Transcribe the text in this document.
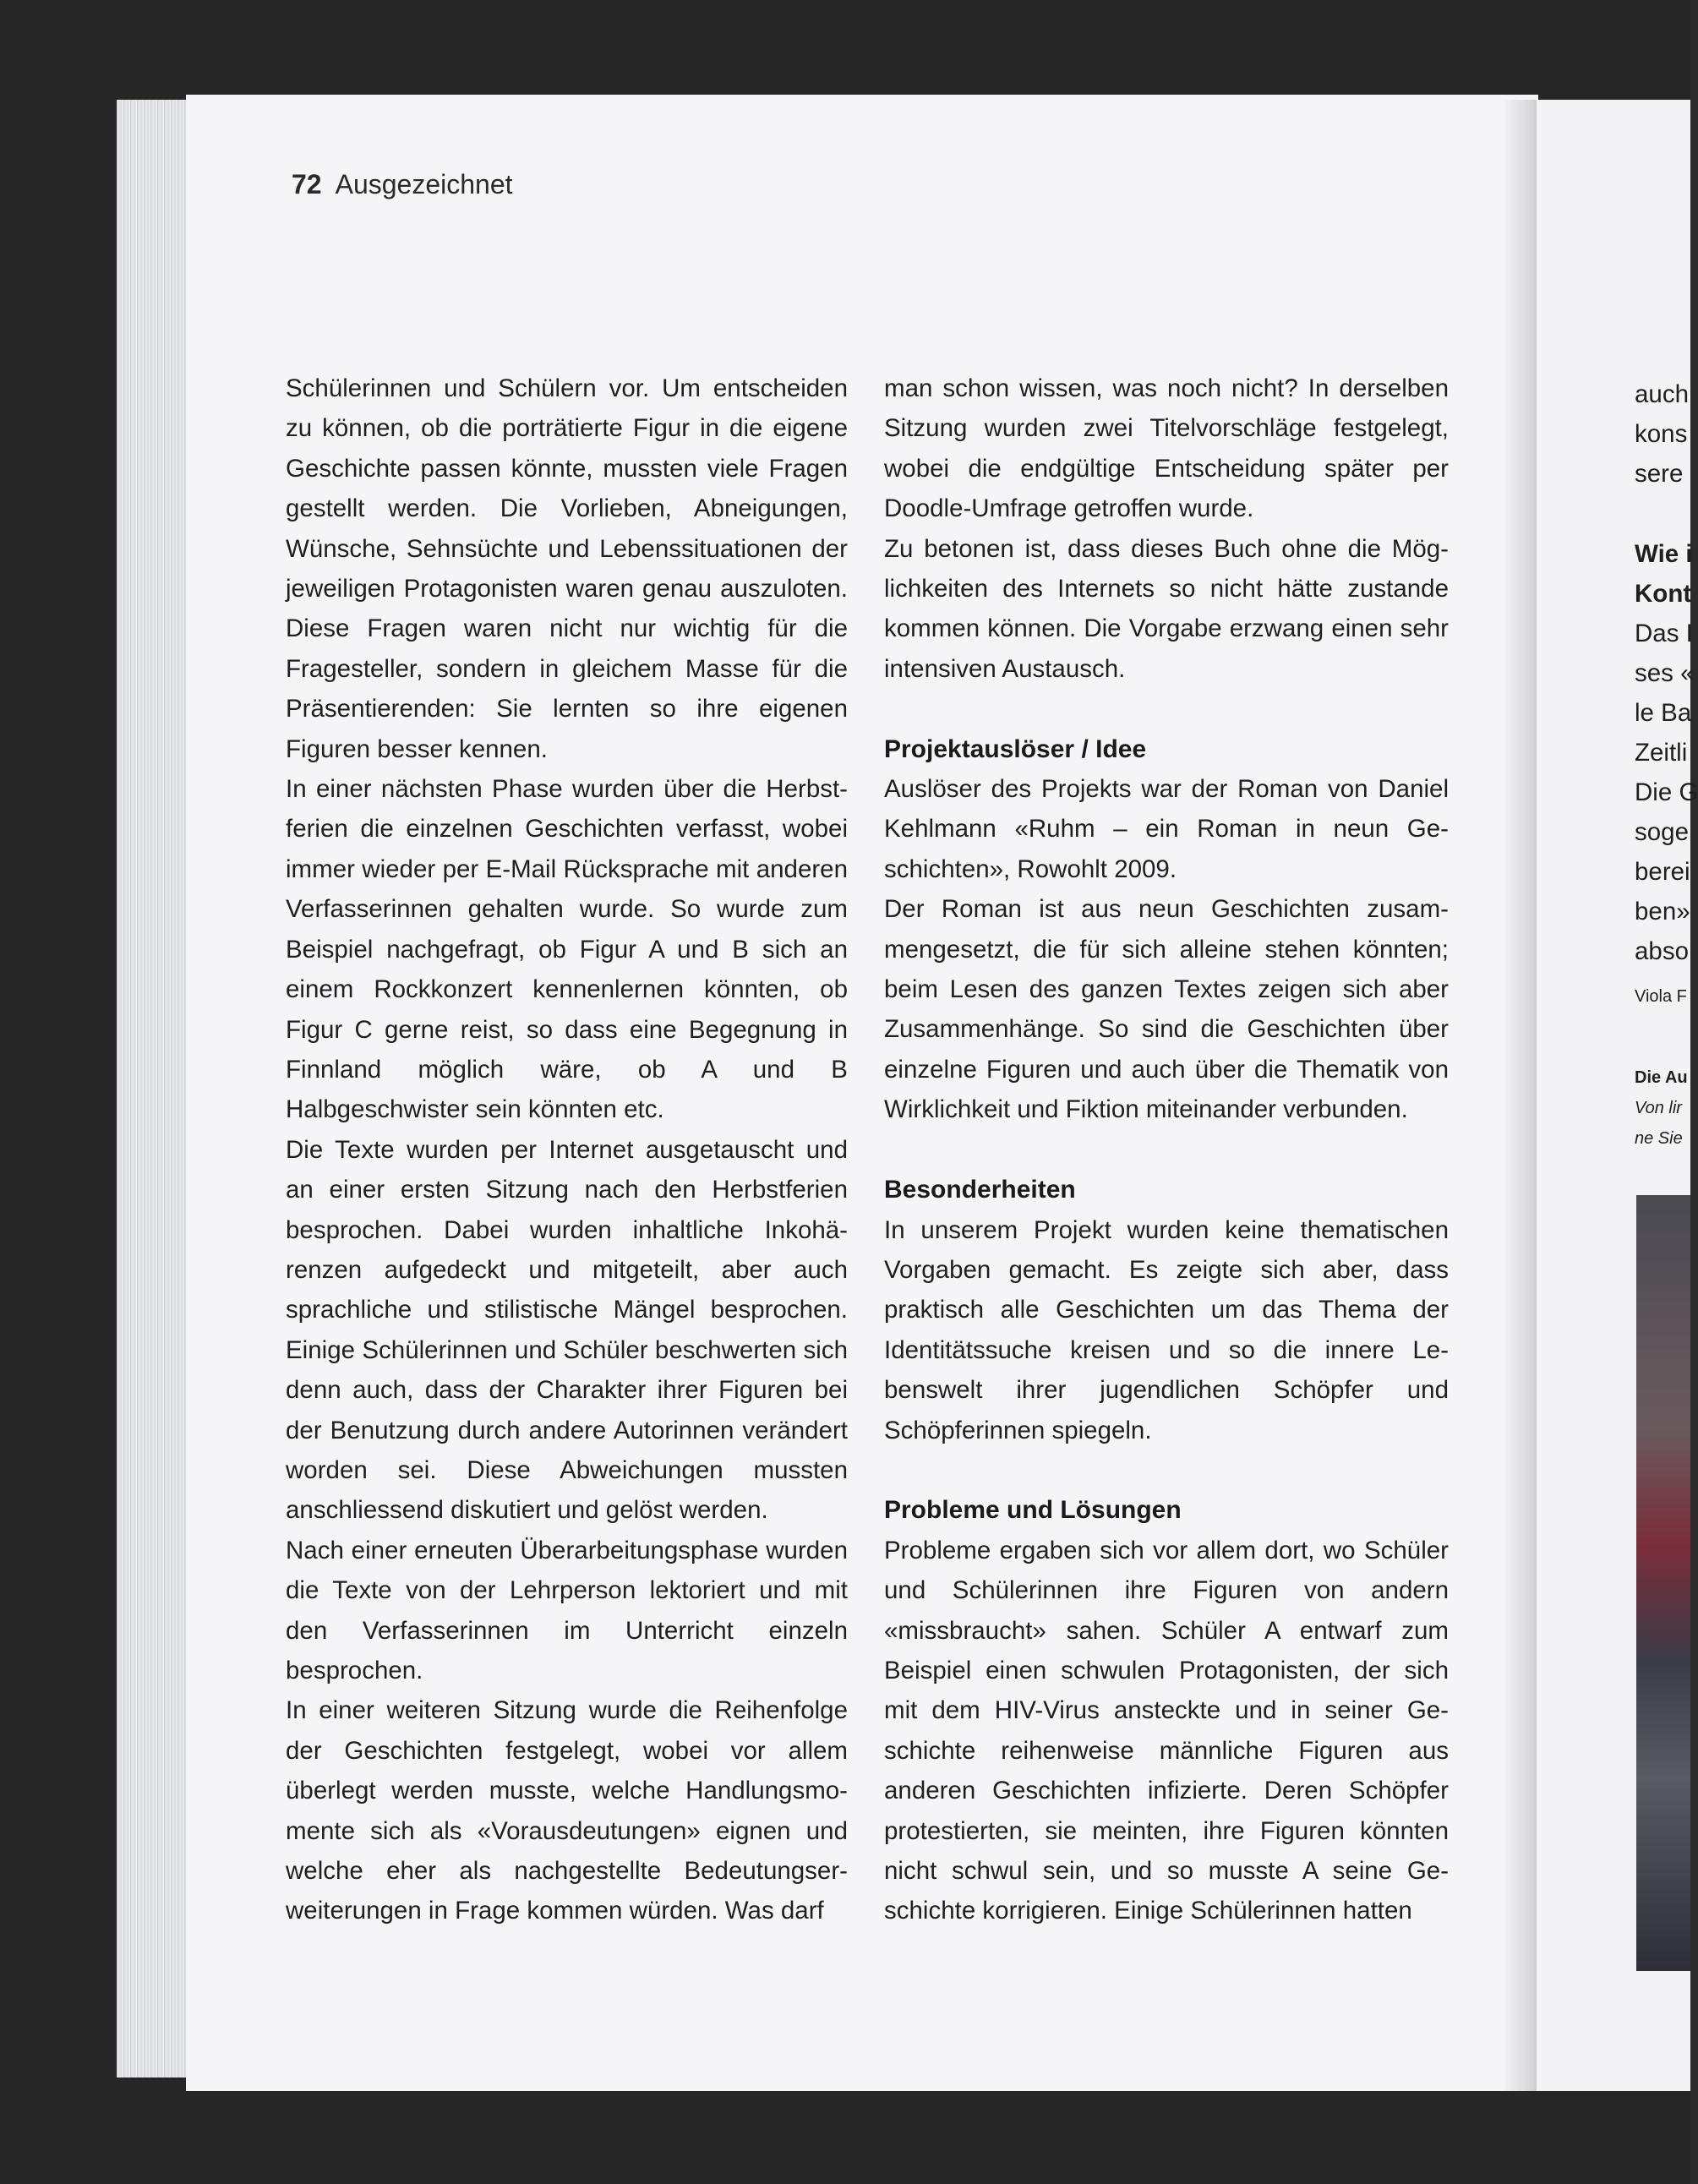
72 Ausgezeichnet

Schülerinnen und Schülern vor. Um entscheiden zu können, ob die porträtierte Figur in die eigene Geschichte passen könnte, mussten viele Fragen gestellt werden. Die Vorlieben, Abneigungen, Wünsche, Sehnsüchte und Lebenssituationen der jeweiligen Protagonisten waren genau auszuloten. Diese Fragen waren nicht nur wichtig für die Fragesteller, sondern in gleichem Masse für die Präsentierenden: Sie lernten so ihre eigenen Figuren besser kennen.

In einer nächsten Phase wurden über die Herbstferien die einzelnen Geschichten verfasst, wobei immer wieder per E-Mail Rücksprache mit anderen Verfasserinnen gehalten wurde. So wurde zum Beispiel nachgefragt, ob Figur A und B sich an einem Rockkonzert kennenlernen könnten, ob Figur C gerne reist, so dass eine Begegnung in Finnland möglich wäre, ob A und B Halbgeschwister sein könnten etc.

Die Texte wurden per Internet ausgetauscht und an einer ersten Sitzung nach den Herbstferien besprochen. Dabei wurden inhaltliche Inkohärenzen aufgedeckt und mitgeteilt, aber auch sprachliche und stilistische Mängel besprochen. Einige Schülerinnen und Schüler beschwerten sich denn auch, dass der Charakter ihrer Figuren bei der Benutzung durch andere Autorinnen verändert worden sei. Diese Abweichungen mussten anschliessend diskutiert und gelöst werden.

Nach einer erneuten Überarbeitungsphase wurden die Texte von der Lehrperson lektoriert und mit den Verfasserinnen im Unterricht einzeln besprochen.

In einer weiteren Sitzung wurde die Reihenfolge der Geschichten festgelegt, wobei vor allem überlegt werden musste, welche Handlungsmomente sich als «Vorausdeutungen» eignen und welche eher als nachgestellte Bedeutungserweiterungen in Frage kommen würden. Was darf

man schon wissen, was noch nicht? In derselben Sitzung wurden zwei Titelvorschläge festgelegt, wobei die endgültige Entscheidung später per Doodle-Umfrage getroffen wurde.

Zu betonen ist, dass dieses Buch ohne die Möglichkeiten des Internets so nicht hätte zustande kommen können. Die Vorgabe erzwang einen sehr intensiven Austausch.

Projektauslöser / Idee

Auslöser des Projekts war der Roman von Daniel Kehlmann «Ruhm – ein Roman in neun Geschichten», Rowohlt 2009.

Der Roman ist aus neun Geschichten zusammengesetzt, die für sich alleine stehen könnten; beim Lesen des ganzen Textes zeigen sich aber Zusammenhänge. So sind die Geschichten über einzelne Figuren und auch über die Thematik von Wirklichkeit und Fiktion miteinander verbunden.

Besonderheiten

In unserem Projekt wurden keine thematischen Vorgaben gemacht. Es zeigte sich aber, dass praktisch alle Geschichten um das Thema der Identitätssuche kreisen und so die innere Lebenswelt ihrer jugendlichen Schöpfer und Schöpferinnen spiegeln.

Probleme und Lösungen

Probleme ergaben sich vor allem dort, wo Schüler und Schülerinnen ihre Figuren von andern «missbraucht» sahen. Schüler A entwarf zum Beispiel einen schwulen Protagonisten, der sich mit dem HIV-Virus ansteckte und in seiner Geschichte reihenweise männliche Figuren aus anderen Geschichten infizierte. Deren Schöpfer protestierten, sie meinten, ihre Figuren könnten nicht schwul sein, und so musste A seine Geschichte korrigieren. Einige Schülerinnen hatten

auch
kons
sere
Wie i
Kont
Das I
ses «
le Ba
Zeitli
Die G
soge
berei
ben»
abso
Viola F
Die Au
Von lir
ne Sie
